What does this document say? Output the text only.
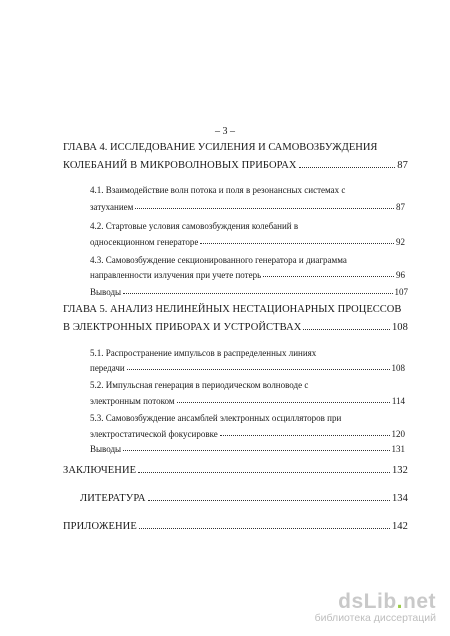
– 3 –
ГЛАВА 4. ИССЛЕДОВАНИЕ УСИЛЕНИЯ И САМОВОЗБУЖДЕНИЯ
КОЛЕБАНИЙ В МИКРОВОЛНОВЫХ ПРИБОРАХ	87
4.1. Взаимодействие волн потока и поля в резонансных системах с
затуханием	87
4.2. Стартовые условия самовозбуждения колебаний в
односекционном генераторе	92
4.3. Самовозбуждение секционированного генератора и диаграмма
направленности излучения при учете потерь	96
Выводы	107
ГЛАВА 5. АНАЛИЗ НЕЛИНЕЙНЫХ НЕСТАЦИОНАРНЫХ ПРОЦЕССОВ
В ЭЛЕКТРОННЫХ ПРИБОРАХ И УСТРОЙСТВАХ	108
5.1. Распространение импульсов в распределенных линиях
передачи	108
5.2. Импульсная генерация в периодическом волноводе с
электронным потоком	114
5.3. Самовозбуждение ансамблей электронных осцилляторов при
электростатической фокусировке	120
Выводы	131
ЗАКЛЮЧЕНИЕ	132
ЛИТЕРАТУРА	134
ПРИЛОЖЕНИЕ	142
dsLib.net
библиотека диссертаций
